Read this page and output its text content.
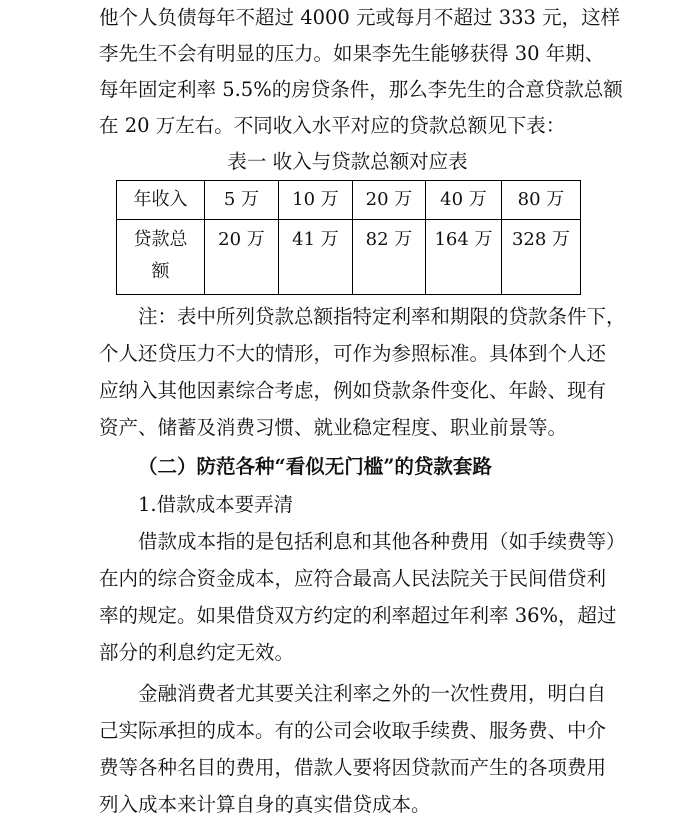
他个人负债每年不超过 4000 元或每月不超过 333 元，这样
李先生不会有明显的压力。如果李先生能够获得 30 年期、
每年固定利率 5.5%的房贷条件，那么李先生的合意贷款总额
在 20 万左右。不同收入水平对应的贷款总额见下表：
表一 收入与贷款总额对应表
年收入	5 万	10 万	20 万	40 万	80 万

贷款总
额	20 万	41 万	82 万	164 万	328 万
注：表中所列贷款总额指特定利率和期限的贷款条件下，
个人还贷压力不大的情形，可作为参照标准。具体到个人还
应纳入其他因素综合考虑，例如贷款条件变化、年龄、现有
资产、储蓄及消费习惯、就业稳定程度、职业前景等。
（二）防范各种“看似无门槛”的贷款套路
1.借款成本要弄清
借款成本指的是包括利息和其他各种费用（如手续费等）
在内的综合资金成本，应符合最高人民法院关于民间借贷利
率的规定。如果借贷双方约定的利率超过年利率 36%，超过
部分的利息约定无效。
金融消费者尤其要关注利率之外的一次性费用，明白自
己实际承担的成本。有的公司会收取手续费、服务费、中介
费等各种名目的费用，借款人要将因贷款而产生的各项费用
列入成本来计算自身的真实借贷成本。
